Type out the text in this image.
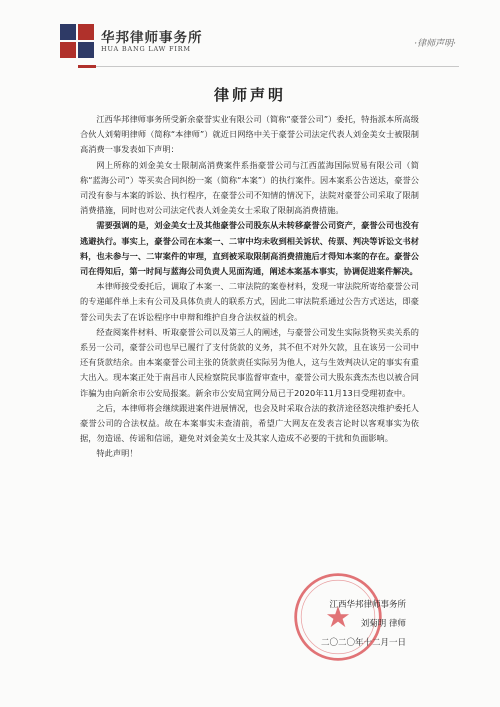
华邦律师事务所
HUA BANG LAW FIRM	·律师声明·
律师声明

江西华邦律师事务所受新余豪誉实业有限公司（简称“豪誉公司”）委托，特指派本所高级合伙人刘菊明律师（简称“本律师”）就近日网络中关于豪誉公司法定代表人刘金美女士被限制高消费一事发表如下声明：

网上所称的刘金美女士限制高消费案件系指豪誉公司与江西蓝海国际贸易有限公司（简称“蓝海公司”）等买卖合同纠纷一案（简称“本案”）的执行案件。因本案系公告送达，豪誉公司没有参与本案的诉讼、执行程序，在豪誉公司不知情的情况下，法院对豪誉公司采取了限制消费措施，同时也对公司法定代表人刘金美女士采取了限制高消费措施。

需要强调的是，刘金美女士及其他豪誉公司股东从未转移豪誉公司资产，豪誉公司也没有逃避执行。事实上，豪誉公司在本案一、二审中均未收到相关诉状、传票、判决等诉讼文书材料，也未参与一、二审案件的审理，直到被采取限制高消费措施后才得知本案的存在。豪誉公司在得知后，第一时间与蓝海公司负责人见面沟通，阐述本案基本事实，协调促进案件解决。

本律师接受委托后，调取了本案一、二审法院的案卷材料，发现一审法院所寄给豪誉公司的专递邮件单上未有公司及具体负责人的联系方式，因此二审法院系通过公告方式送达，即豪誉公司失去了在诉讼程序中申辩和维护自身合法权益的机会。

经查阅案件材料、听取豪誉公司以及第三人的阐述，与豪誉公司发生实际货物买卖关系的系另一公司，豪誉公司也早已履行了支付货款的义务，其不但不对外欠款，且在该另一公司中还有货款结余。由本案豪誉公司主张的货款责任实际另为他人，这与生效判决认定的事实有重大出入。现本案正处于南昌市人民检察院民事监督审查中，豪誉公司大股东龚杰杰也以被合同诈骗为由向新余市公安局报案。新余市公安局宜网分局已于2020年11月13日受理初查中。

之后，本律师将会继续跟进案件进展情况，也会及时采取合法的救济途径怒决维护委托人豪誉公司的合法权益。故在本案事实未查清前，希望广大网友在发表言论时以客观事实为依据，勿造谣、传谣和信谣，避免对刘金美女士及其家人造成不必要的干扰和负面影响。

特此声明！

江西华邦律师事务所
刘菊明 律师
二〇二〇年十二月一日
